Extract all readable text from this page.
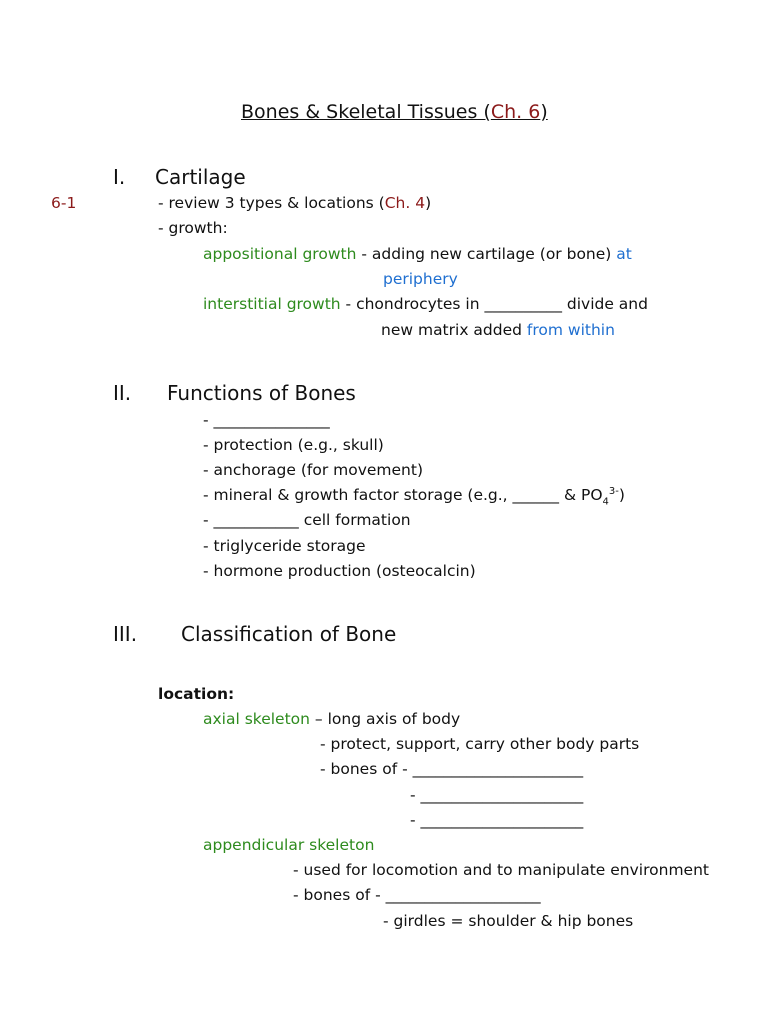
Bones & Skeletal Tissues (Ch. 6)
I. Cartilage
6-1	- review 3 types & locations (Ch. 4)
- growth:
appositional growth - adding new cartilage (or bone) at
periphery
interstitial growth - chondrocytes in __________ divide and
new matrix added from within
II. Functions of Bones
- _______________
- protection (e.g., skull)
- anchorage (for movement)
- mineral & growth factor storage (e.g., ______ & $PO_4^{3-}$)
- ___________ cell formation
- triglyceride storage
- hormone production (osteocalcin)
III. Classification of Bone
location:
axial skeleton – long axis of body
- protect, support, carry other body parts
- bones of - ______________________
- _____________________
- _____________________
appendicular skeleton
- used for locomotion and to manipulate environment
- bones of - ____________________
- girdles = shoulder & hip bones
